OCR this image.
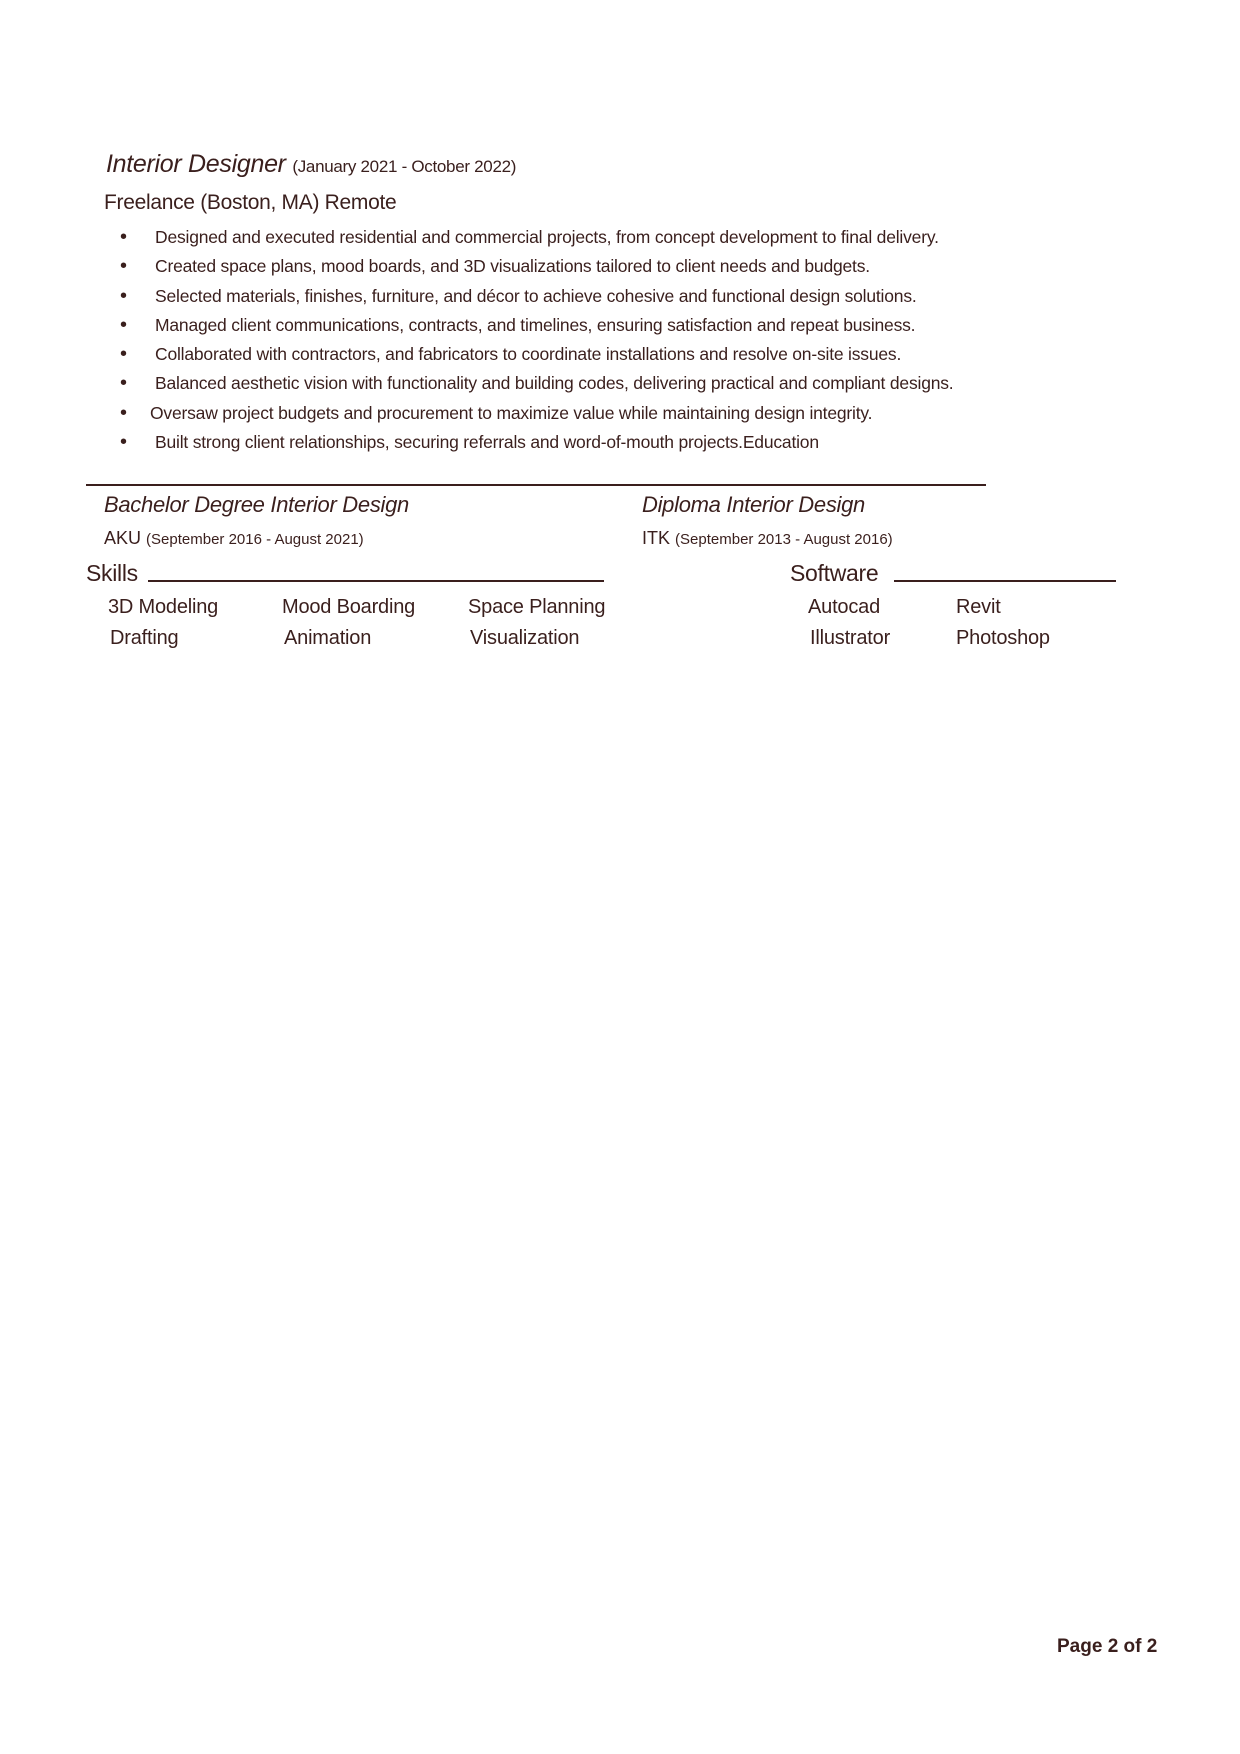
Interior Designer (January 2021 - October 2022)
Freelance (Boston, MA) Remote
• Designed and executed residential and commercial projects, from concept development to final delivery.
• Created space plans, mood boards, and 3D visualizations tailored to client needs and budgets.
• Selected materials, finishes, furniture, and décor to achieve cohesive and functional design solutions.
• Managed client communications, contracts, and timelines, ensuring satisfaction and repeat business.
• Collaborated with contractors, and fabricators to coordinate installations and resolve on-site issues.
• Balanced aesthetic vision with functionality and building codes, delivering practical and compliant designs.
• Oversaw project budgets and procurement to maximize value while maintaining design integrity.
• Built strong client relationships, securing referrals and word-of-mouth projects.Education
Bachelor Degree Interior Design
AKU (September 2016 - August 2021)
Diploma Interior Design
ITK (September 2013 - August 2016)
Skills	Software
3D Modeling	Mood Boarding	Space Planning
Drafting	Animation	Visualization
Autocad	Revit
Illustrator	Photoshop
Page 2 of 2
